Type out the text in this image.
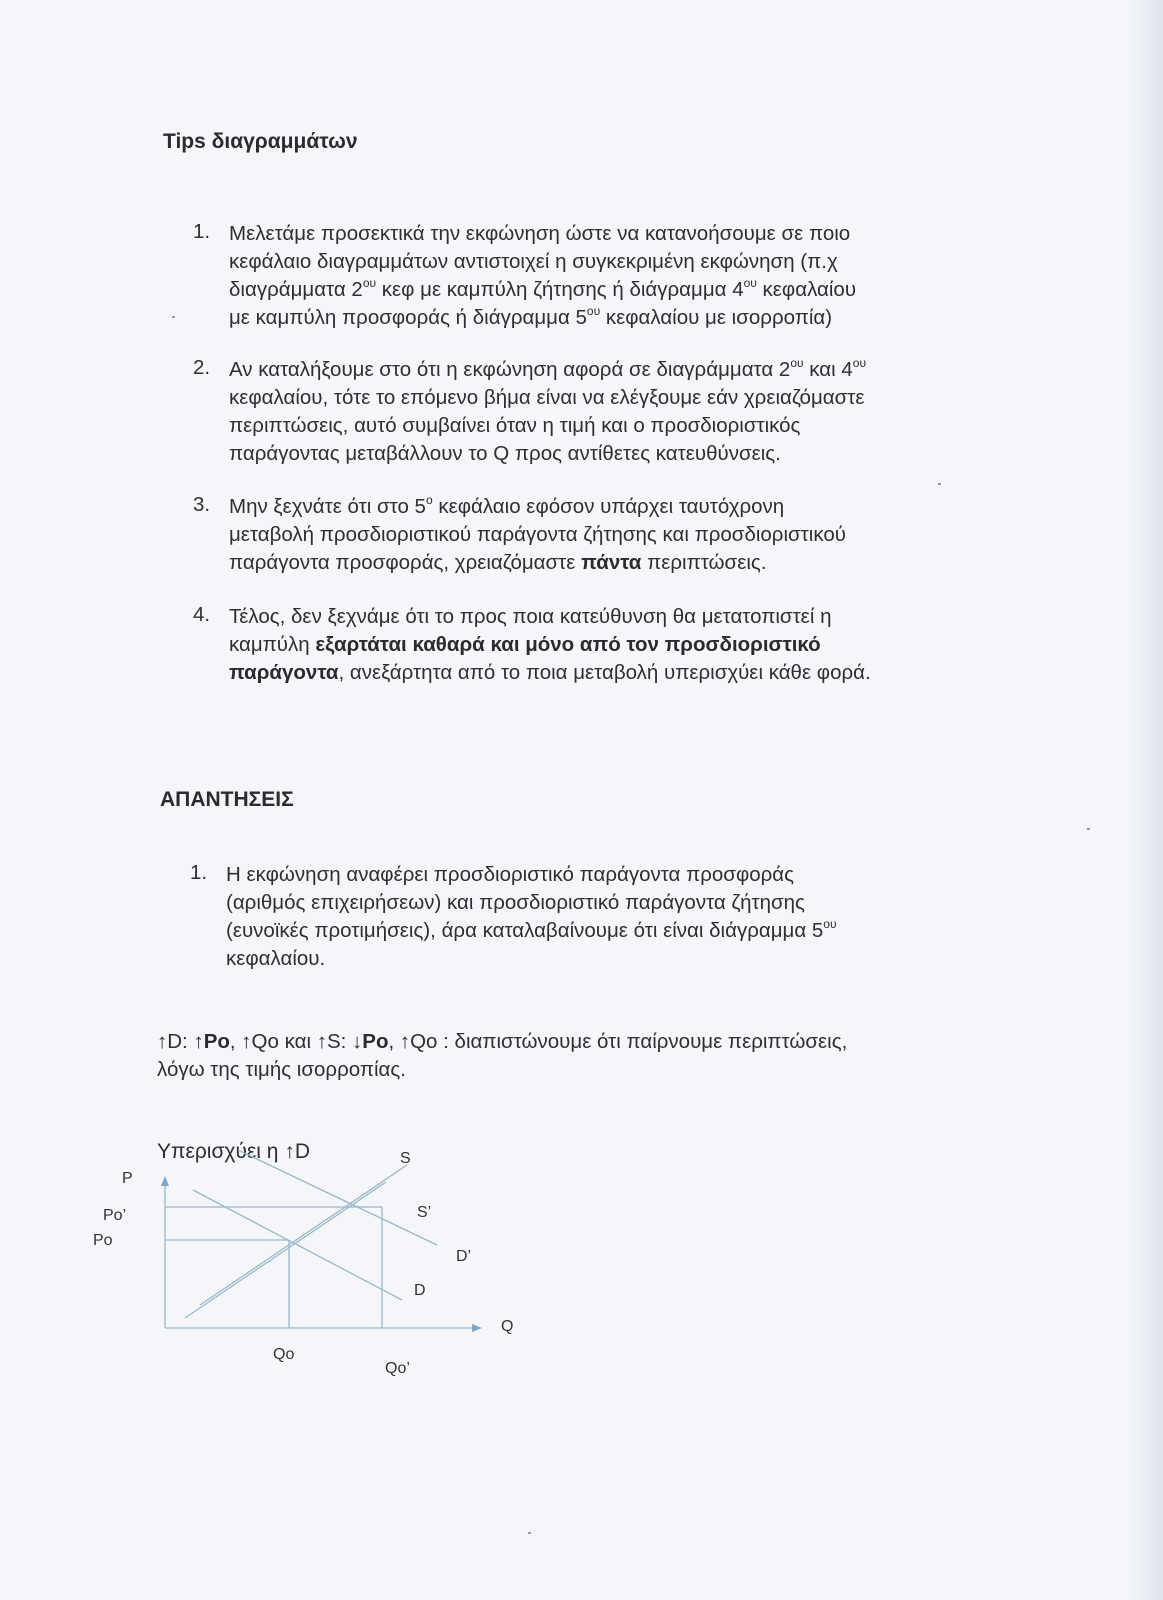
Tips διαγραμμάτων
1. Μελετάμε προσεκτικά την εκφώνηση ώστε να κατανοήσουμε σε ποιο
κεφάλαιο διαγραμμάτων αντιστοιχεί η συγκεκριμένη εκφώνηση (π.χ
διαγράμματα $2^{o\upsilon}$ κεφ με καμπύλη ζήτησης ή διάγραμμα $4^{o\upsilon}$ κεφαλαίου
με καμπύλη προσφοράς ή διάγραμμα $5^{o\upsilon}$ κεφαλαίου με ισορροπία)
2. Αν καταλήξουμε στο ότι η εκφώνηση αφορά σε διαγράμματα $2^{o\upsilon}$ και $4^{o\upsilon}$
κεφαλαίου, τότε το επόμενο βήμα είναι να ελέγξουμε εάν χρειαζόμαστε
περιπτώσεις, αυτό συμβαίνει όταν η τιμή και ο προσδιοριστικός
παράγοντας μεταβάλλουν το Q προς αντίθετες κατευθύνσεις.
3. Μην ξεχνάτε ότι στο $5^o$ κεφάλαιο εφόσον υπάρχει ταυτόχρονη
μεταβολή προσδιοριστικού παράγοντα ζήτησης και προσδιοριστικού
παράγοντα προσφοράς, χρειαζόμαστε πάντα περιπτώσεις.
4. Τέλος, δεν ξεχνάμε ότι το προς ποια κατεύθυνση θα μετατοπιστεί η
καμπύλη εξαρτάται καθαρά και μόνο από τον προσδιοριστικό
παράγοντα, ανεξάρτητα από το ποια μεταβολή υπερισχύει κάθε φορά.
ΑΠΑΝΤΗΣΕΙΣ
1. Η εκφώνηση αναφέρει προσδιοριστικό παράγοντα προσφοράς
(αριθμός επιχειρήσεων) και προσδιοριστικό παράγοντα ζήτησης
(ευνοϊκές προτιμήσεις), άρα καταλαβαίνουμε ότι είναι διάγραμμα $5^{o\upsilon}$
κεφαλαίου.
↑D: ↑Po, ↑Qo και ↑S: ↓Po, ↑Qo : διαπιστώνουμε ότι παίρνουμε περιπτώσεις,
λόγω της τιμής ισορροπίας.
Υπερισχύει η ↑D
P
Po’
Po
Q
Qo
Qo’
S
S’
D’
D
